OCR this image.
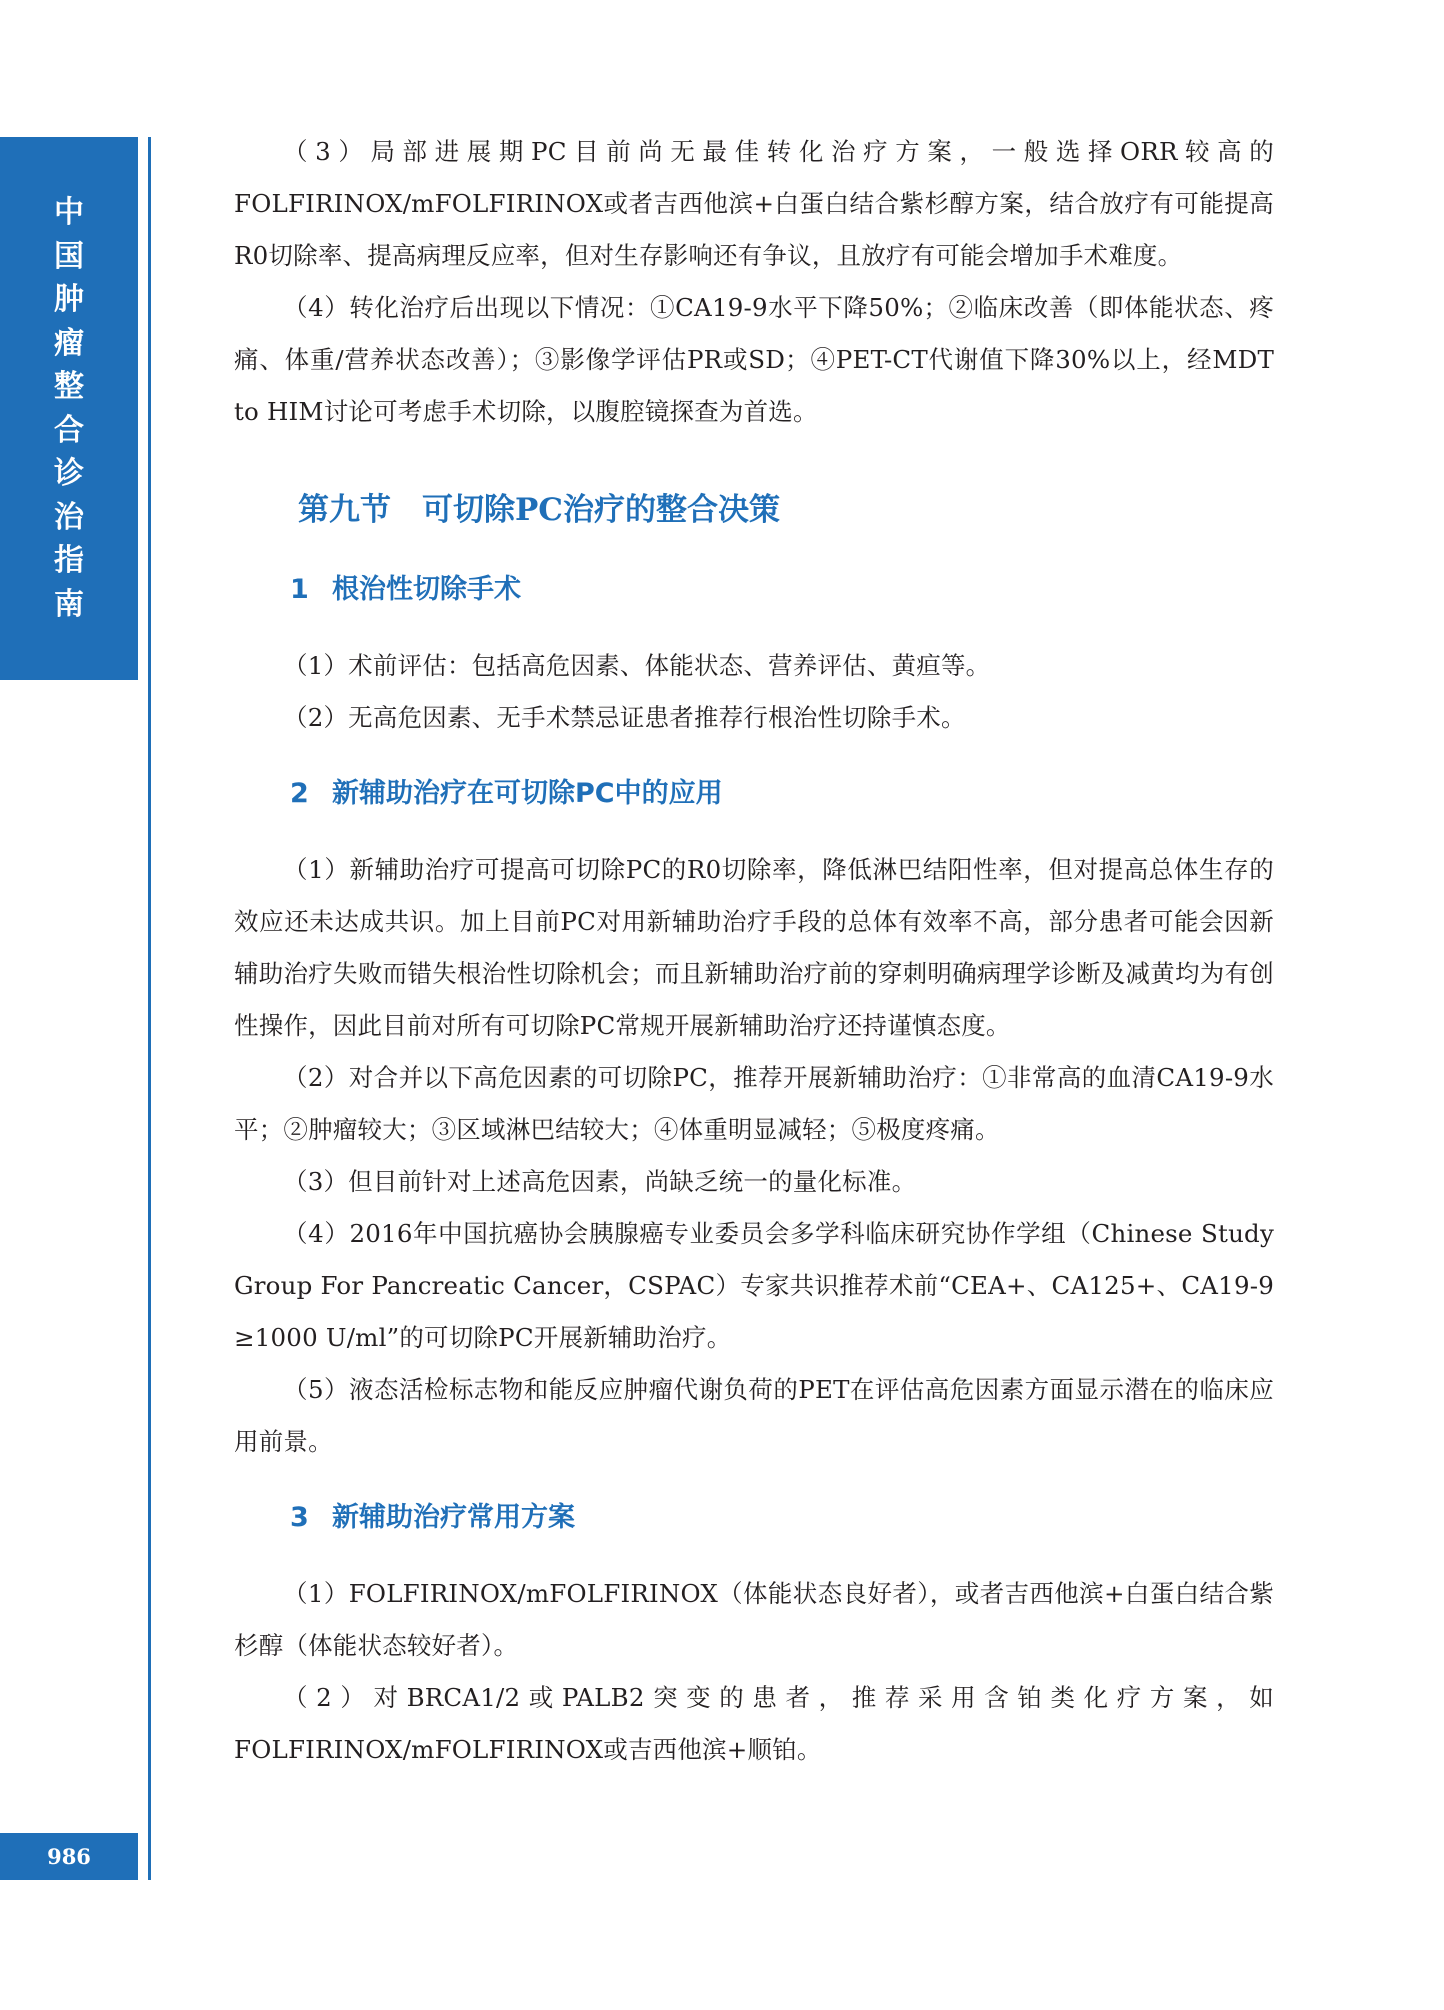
中
国
肿
瘤
整
合
诊
治
指
南
986

（3）局部进展期PC目前尚无最佳转化治疗方案，一般选择ORR较高的FOLFIRINOX/mFOLFIRINOX或者吉西他滨+白蛋白结合紫杉醇方案，结合放疗有可能提高R0切除率、提高病理反应率，但对生存影响还有争议，且放疗有可能会增加手术难度。

（4）转化治疗后出现以下情况：①CA19-9水平下降50%；②临床改善（即体能状态、疼痛、体重/营养状态改善）；③影像学评估PR或SD；④PET-CT代谢值下降30%以上，经MDT to HIM讨论可考虑手术切除，以腹腔镜探查为首选。

第九节　可切除PC治疗的整合决策
1 根治性切除手术

（1）术前评估：包括高危因素、体能状态、营养评估、黄疸等。

（2）无高危因素、无手术禁忌证患者推荐行根治性切除手术。

2 新辅助治疗在可切除PC中的应用

（1）新辅助治疗可提高可切除PC的R0切除率，降低淋巴结阳性率，但对提高总体生存的效应还未达成共识。加上目前PC对用新辅助治疗手段的总体有效率不高，部分患者可能会因新辅助治疗失败而错失根治性切除机会；而且新辅助治疗前的穿刺明确病理学诊断及减黄均为有创性操作，因此目前对所有可切除PC常规开展新辅助治疗还持谨慎态度。

（2）对合并以下高危因素的可切除PC，推荐开展新辅助治疗：①非常高的血清CA19-9水平；②肿瘤较大；③区域淋巴结较大；④体重明显减轻；⑤极度疼痛。

（3）但目前针对上述高危因素，尚缺乏统一的量化标准。

（4）2016年中国抗癌协会胰腺癌专业委员会多学科临床研究协作学组（Chinese Study Group For Pancreatic Cancer，CSPAC）专家共识推荐术前“CEA+、CA125+、CA19-9 ≥1000 U/ml”的可切除PC开展新辅助治疗。

（5）液态活检标志物和能反应肿瘤代谢负荷的PET在评估高危因素方面显示潜在的临床应用前景。

3 新辅助治疗常用方案

（1）FOLFIRINOX/mFOLFIRINOX（体能状态良好者），或者吉西他滨+白蛋白结合紫杉醇（体能状态较好者）。

（2）对BRCA1/2或PALB2突变的患者，推荐采用含铂类化疗方案，如FOLFIRINOX/mFOLFIRINOX或吉西他滨+顺铂。
